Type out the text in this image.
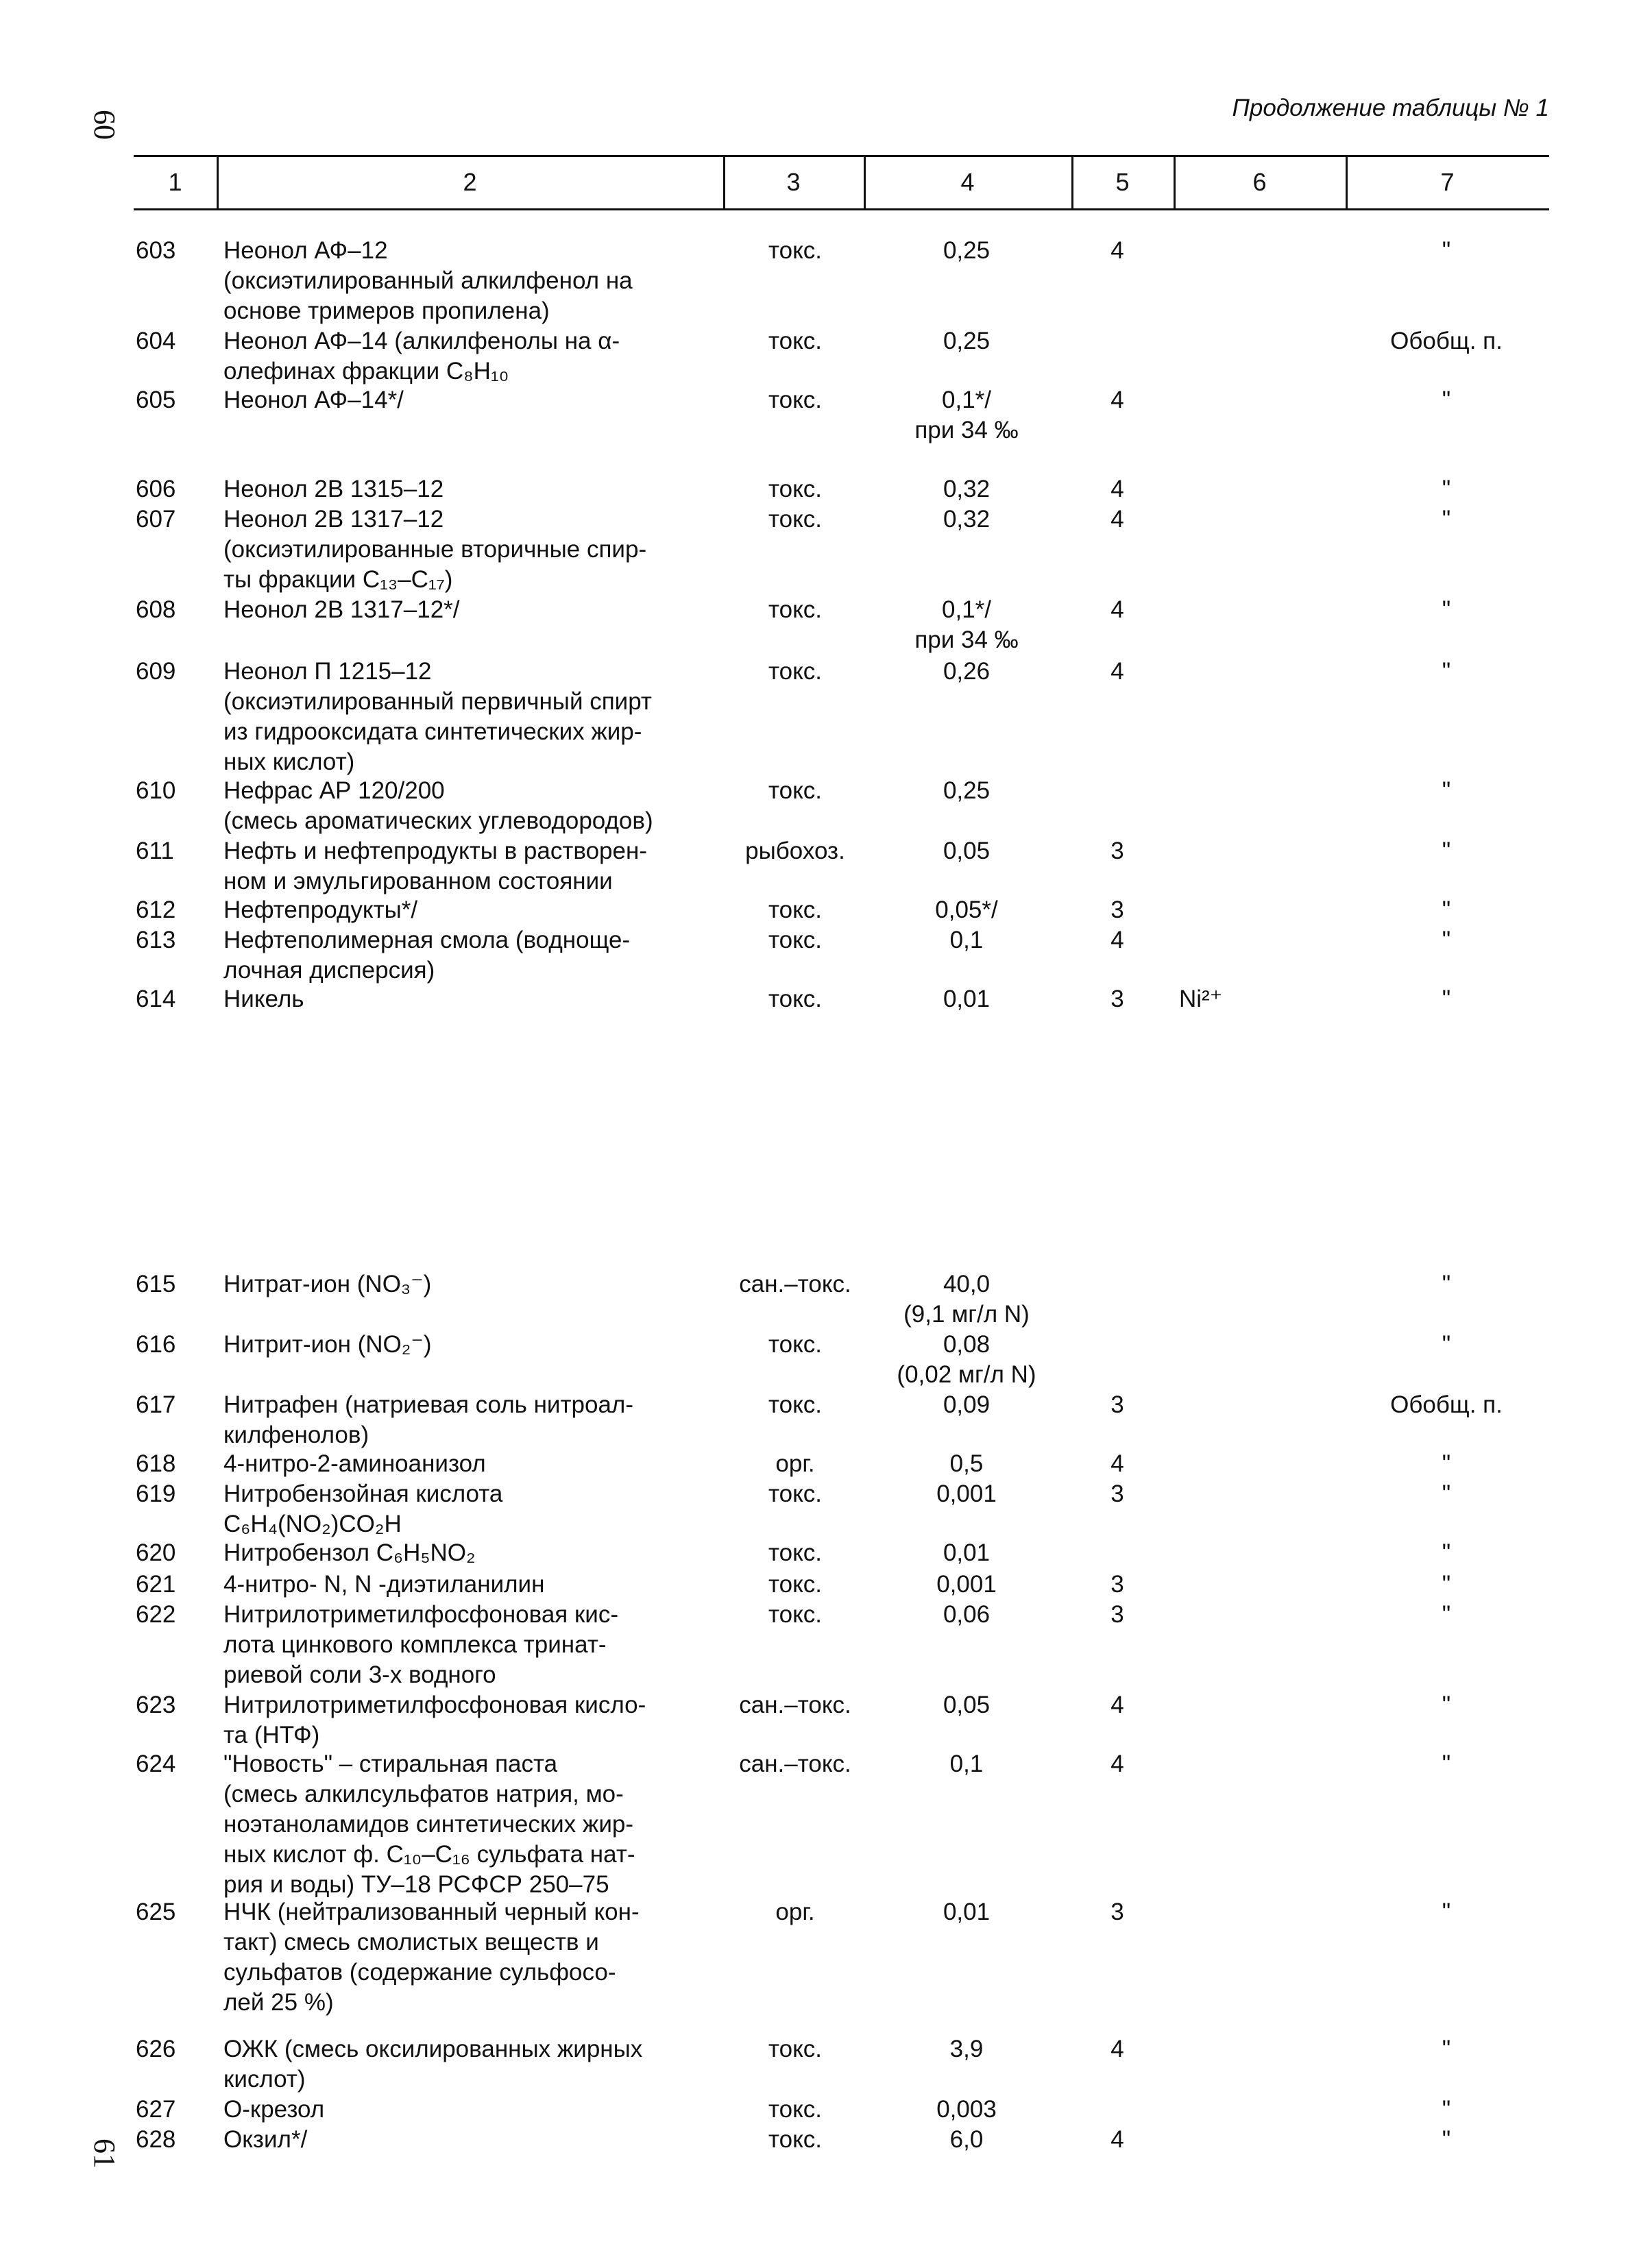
60
Продолжение таблицы № 1
1	2	3	4	5	6	7
603	Неонол АФ–12
(оксиэтилированный алкилфенол на
основе тримеров пропилена)
токс.	0,25	4	"
604	Неонол АФ–14 (алкилфенолы на α-
олефинах фракции C₈H₁₀
токс.	0,25	Обобщ. п.
605	Неонол АФ–14*/	токс.	0,1*/
при 34 ‰
4	"
606	Неонол 2В 1315–12	токс.	0,32	4	"
607	Неонол 2В 1317–12
(оксиэтилированные вторичные спир-
ты фракции C₁₃–C₁₇)
токс.	0,32	4	"
608	Неонол 2В 1317–12*/	токс.	0,1*/
при 34 ‰
4	"
609	Неонол П 1215–12
(оксиэтилированный первичный спирт
из гидрооксидата синтетических жир-
ных кислот)
токс.	0,26	4	"
610	Нефрас АР 120/200
(смесь ароматических углеводородов)
токс.	0,25	"
611	Нефть и нефтепродукты в растворен-
ном и эмульгированном состоянии
рыбохоз.	0,05	3	"
612	Нефтепродукты*/	токс.	0,05*/	3	"
613	Нефтеполимерная смола (водноще-
лочная дисперсия)
токс.	0,1	4	"
614	Никель	токс.	0,01	3	Ni²⁺	"
615	Нитрат-ион (NO₃⁻)	сан.–токс.	40,0
(9,1 мг/л N)
"
616	Нитрит-ион (NO₂⁻)	токс.	0,08
(0,02 мг/л N)
"
617	Нитрафен (натриевая соль нитроал-
килфенолов)
токс.	0,09	3	Обобщ. п.
618	4-нитро-2-аминоанизол	орг.	0,5	4	"
619	Нитробензойная кислота
C₆H₄(NO₂)CO₂H
токс.	0,001	3	"
620	Нитробензол C₆H₅NO₂	токс.	0,01	"
621	4-нитро- N, N -диэтиланилин	токс.	0,001	3	"
622	Нитрилотриметилфосфоновая кис-
лота цинкового комплекса тринат-
риевой соли 3-х водного
токс.	0,06	3	"
623	Нитрилотриметилфосфоновая кисло-
та (НТФ)
сан.–токс.	0,05	4	"
624	"Новость" – стиральная паста
(смесь алкилсульфатов натрия, мо-
ноэтаноламидов синтетических жир-
ных кислот ф. C₁₀–C₁₆ сульфата нат-
рия и воды) ТУ–18 РСФСР 250–75
сан.–токс.	0,1	4	"
625	НЧК (нейтрализованный черный кон-
такт) смесь смолистых веществ и
сульфатов (содержание сульфосо-
лей 25 %)
орг.	0,01	3	"
626	ОЖК (смесь оксилированных жирных
кислот)
токс.	3,9	4	"
627	О-крезол	токс.	0,003	"
628	Окзил*/	токс.	6,0	4	"
61
